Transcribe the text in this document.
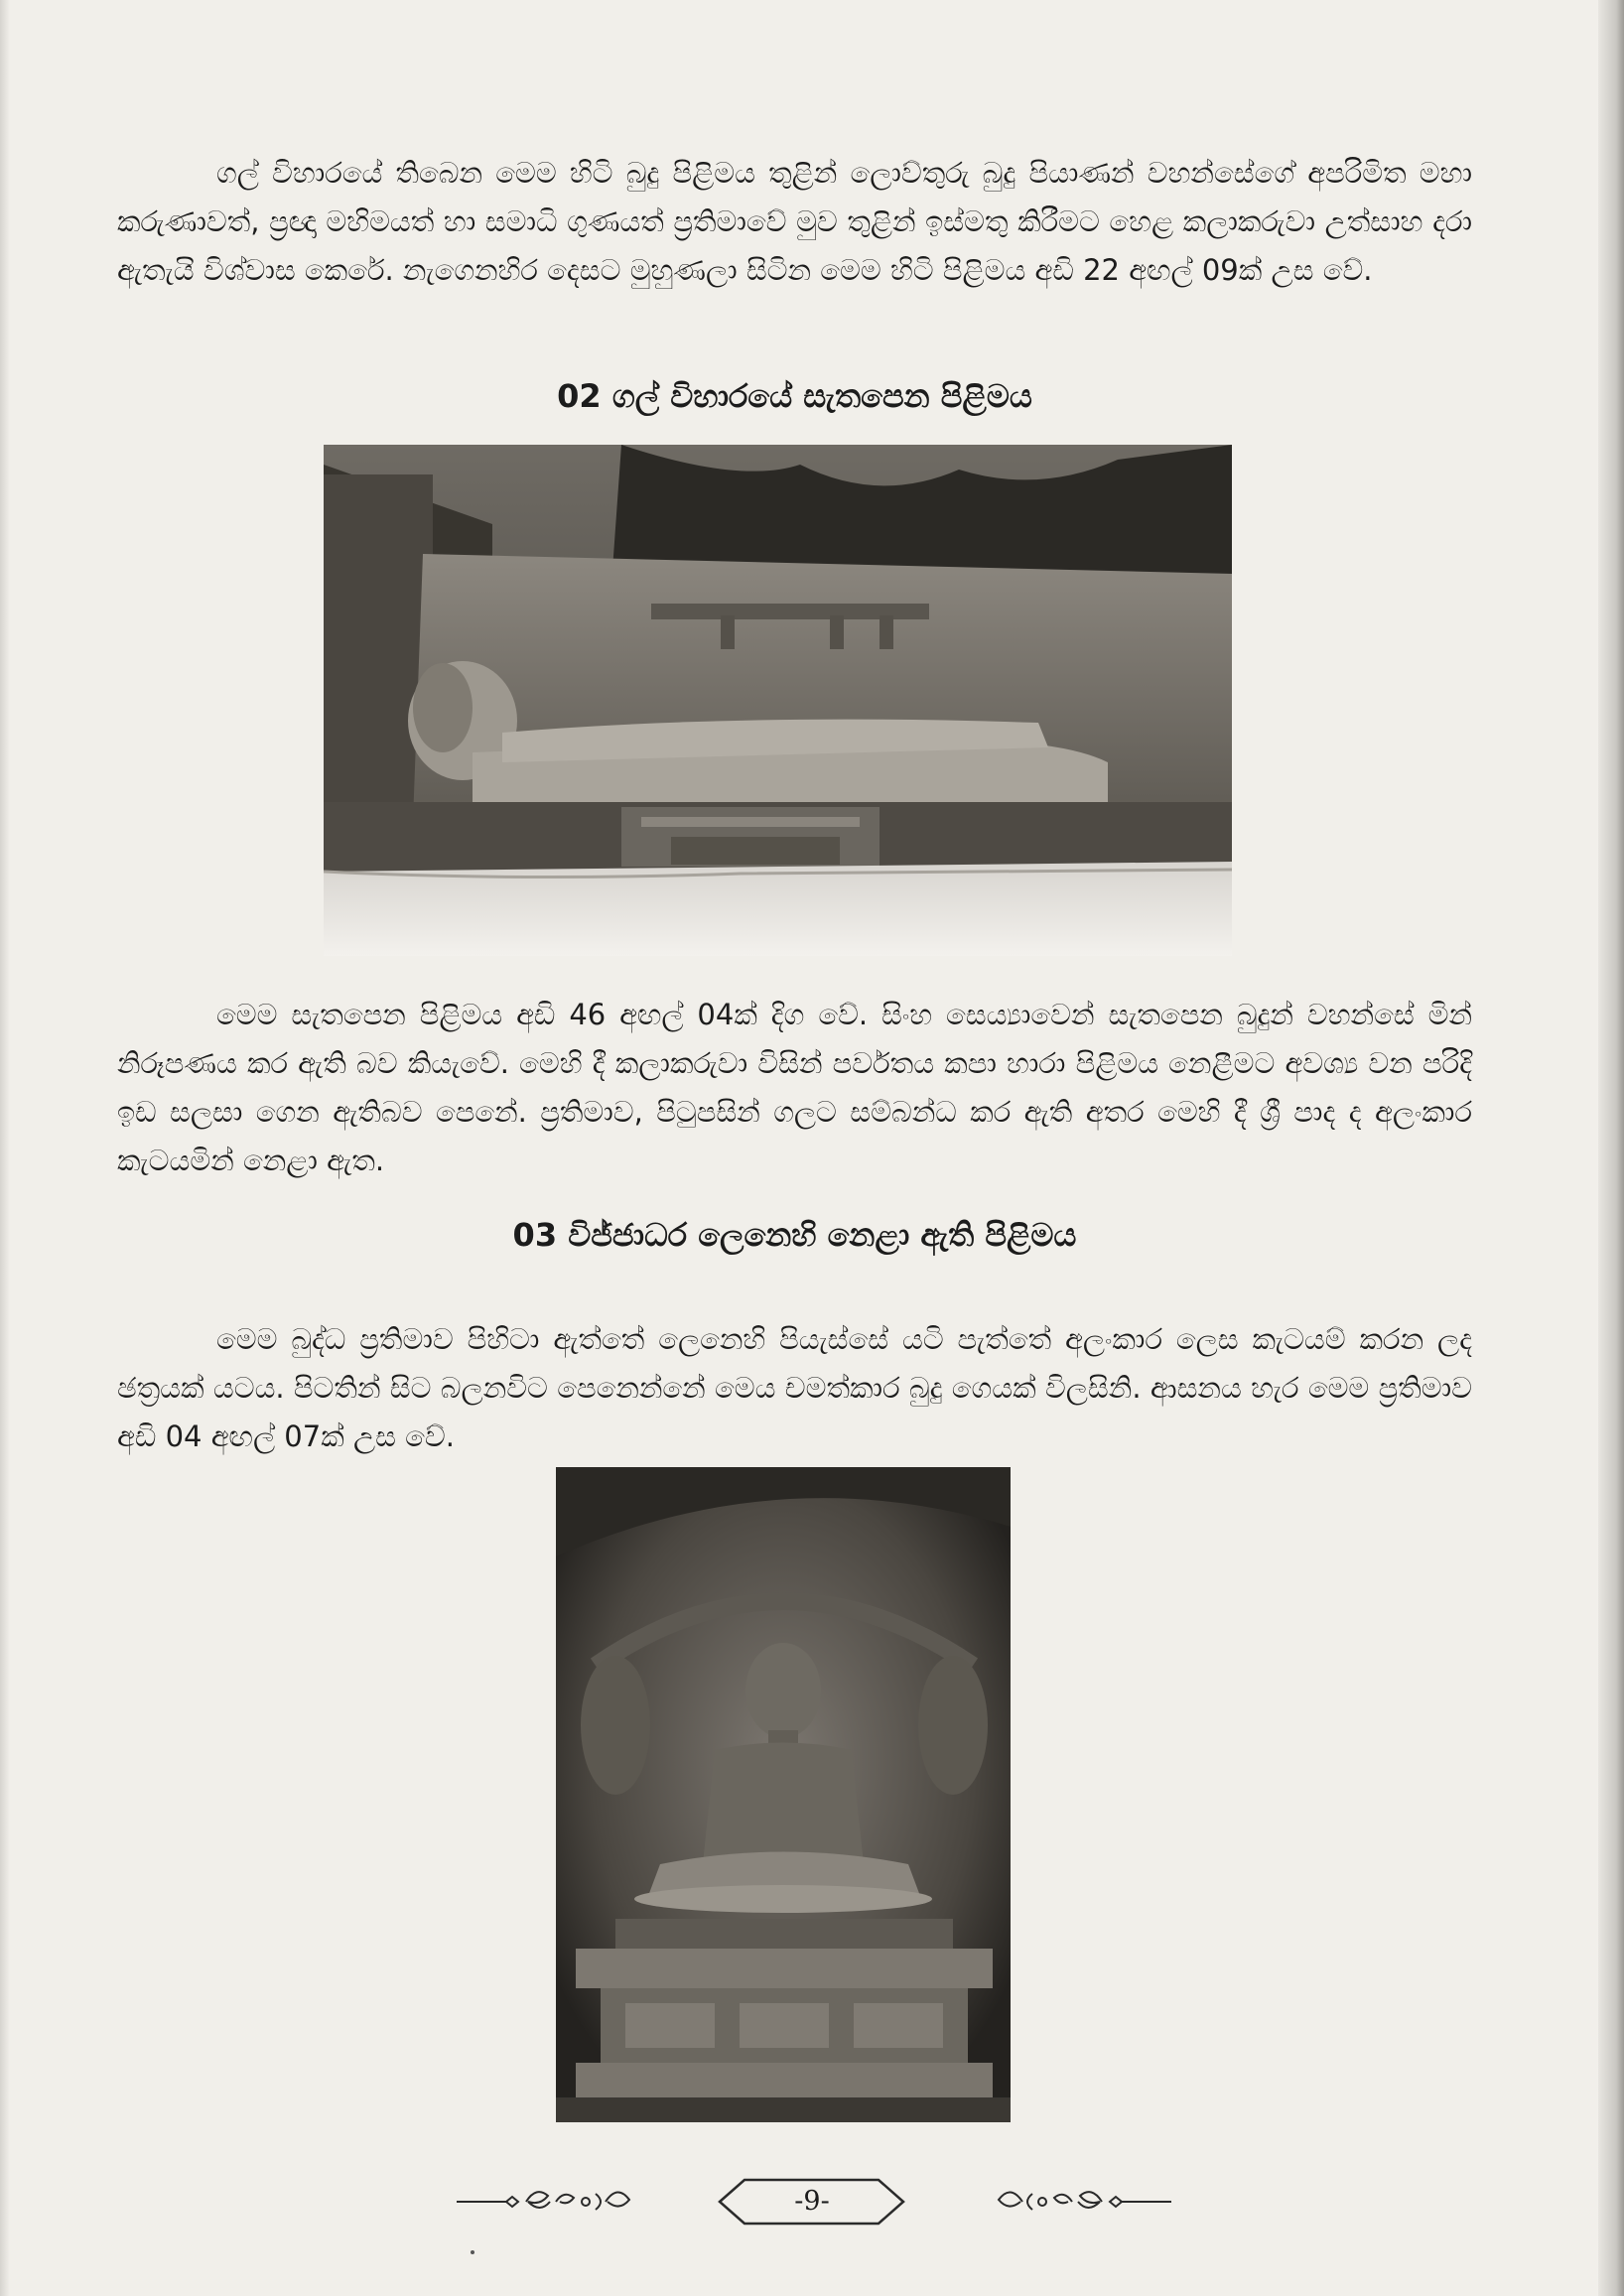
ගල් විහාරයේ තිබෙන මෙම හිටි බුදු පිළිමය තුළින් ලොව්තුරු බුදු පියාණන් වහන්සේගේ අපරිමිත මහා කරුණාවත්, ප්‍රඥා මහිමයත් හා සමාධි ගුණයත් ප්‍රතිමාවේ මුව තුළින් ඉස්මතු කිරීමට හෙළ කලාකරුවා උත්සාහ දරා ඇතැයි විශ්වාස කෙරේ. නැගෙනහිර දෙසට මුහුණලා සිටින මෙම හිටි පිළිමය අඩි 22 අඟල් 09ක් උස වේ.

02 ගල් විහාරයේ සැතපෙන පිළිමය

මෙම සැතපෙන පිළිමය අඩි 46 අඟල් 04ක් දිග වේ. සිංහ සෙය්‍යාවෙන් සැතපෙන බුදුන් වහන්සේ මින් නිරූපණය කර ඇති බව කියැවේ. මෙහි දී කලාකරුවා විසින් පර්වතය කපා හාරා පිළිමය නෙළීමට අවශ්‍ය වන පරිදි ඉඩ සලසා ගෙන ඇතිබව පෙනේ. ප්‍රතිමාව, පිටුපසින් ගලට සම්බන්ධ කර ඇති අතර මෙහි දී ශ්‍රී පාද ද අලංකාර කැටයමින් නෙළා ඇත.

03 විජ්ජාධර ලෙනෙහි නෙළා ඇති පිළිමය

මෙම බුද්ධ ප්‍රතිමාව පිහිටා ඇත්තේ ලෙනෙහි පියැස්සේ යටි පැත්තේ අලංකාර ලෙස කැටයම් කරන ලද ඡත්‍රයක් යටය. පිටතින් සිට බලනවිට පෙනෙන්නේ මෙය චමත්කාර බුදු ගෙයක් විලසිනි. ආසනය හැර මෙම ප්‍රතිමාව අඩි 04 අඟල් 07ක් උස වේ.

-9-
